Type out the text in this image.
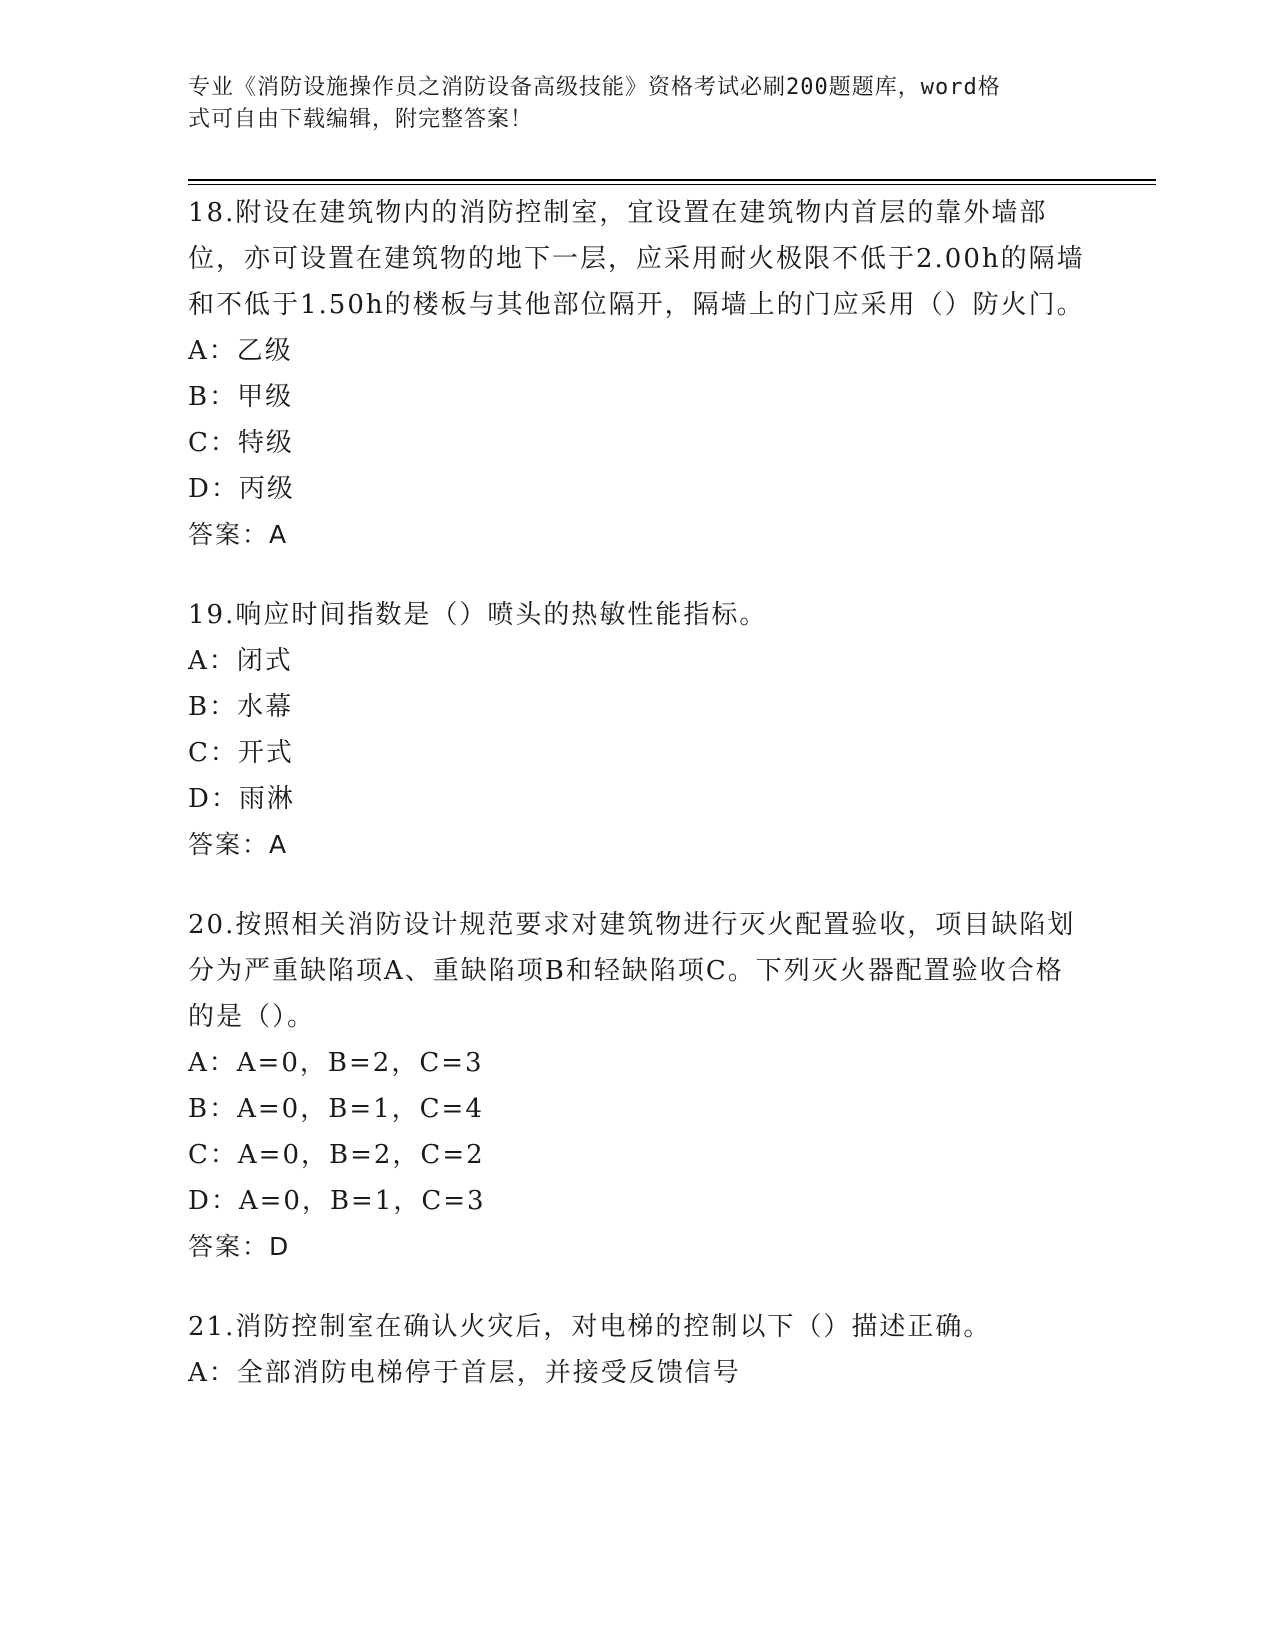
专业《消防设施操作员之消防设备高级技能》资格考试必刷200题题库，word格
式可自由下载编辑，附完整答案！
18.附设在建筑物内的消防控制室，宜设置在建筑物内首层的靠外墙部位，亦可设置在建筑物的地下一层，应采用耐火极限不低于2.00h的隔墙和不低于1.50h的楼板与其他部位隔开，隔墙上的门应采用（）防火门。
A：乙级
B：甲级
C：特级
D：丙级
答案：A
19.响应时间指数是（）喷头的热敏性能指标。
A：闭式
B：水幕
C：开式
D：雨淋
答案：A
20.按照相关消防设计规范要求对建筑物进行灭火配置验收，项目缺陷划分为严重缺陷项A、重缺陷项B和轻缺陷项C。下列灭火器配置验收合格的是（）。
A：A=0，B=2，C=3
B：A=0，B=1，C=4
C：A=0，B=2，C=2
D：A=0，B=1，C=3
答案：D
21.消防控制室在确认火灾后，对电梯的控制以下（）描述正确。
A：全部消防电梯停于首层，并接受反馈信号
